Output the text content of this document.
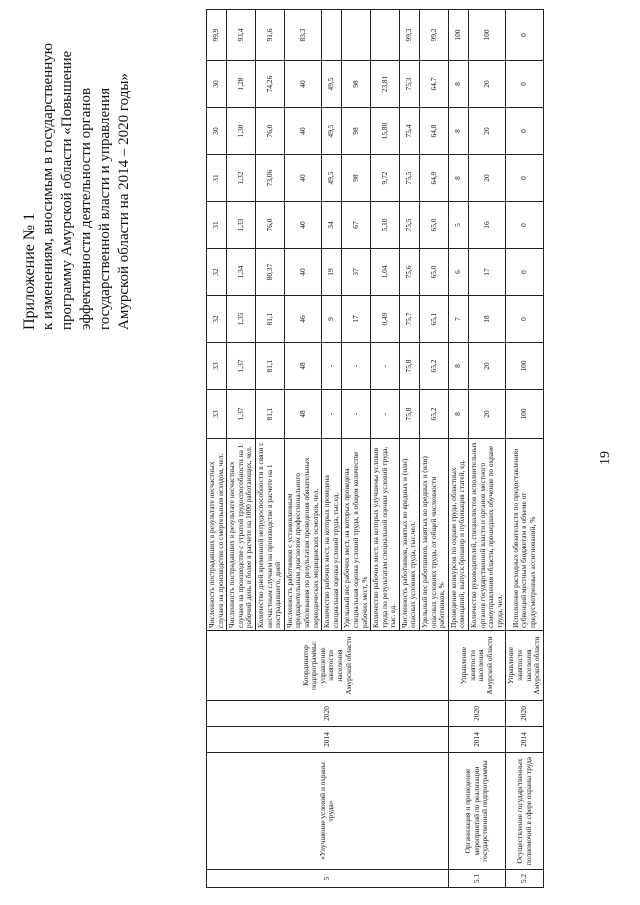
19
Приложение № 1 к изменениям, вносимым в государственную программу Амурской области «Повышение эффективности деятельности органов государственной власти и управления Амурской области на 2014 – 2020 годы»
5	«Улучшение условий и охраны труда»	2014	2020	Координатор подпрограммы: управление занятости населения Амурской области	Численность пострадавших в результате несчастных случаев на производстве со смертельным исходом, чел.	33	33	32	32	31	31	30	30	99,9
					Численность пострадавших в результате несчастных случаев на производстве с утратой трудоспособности на 1 рабочий день и более в расчете на 1000 работающих, чел.	1,37	1,37	1,35	1,34	1,33	1,32	1,30	1,28	93,4
					Количество дней временной нетрудоспособности в связи с несчастным случаем на производстве в расчете на 1 пострадавшего, дней	81,1	81,1	81,1	80,37	76,0	73,06	76,0	74,26	91,6
					Численность работников с установленным предварительным диагнозом профессионального заболевания по результатам проведения обязательных периодических медицинских осмотров, чел.	48	48	46	40	40	40	40	40	83,3
					Количество рабочих мест, на которых проведена специальная оценка условий труда, тыс.ед.	-	-	9	19	34	49,5	49,5	49,5	
					Удельный вес рабочих мест, на которых проведена специальная оценка условий труда, в общем количестве рабочих мест, %	-	-	17	37	67	98	98	98	
					Количество рабочих мест, на которых улучшены условия труда по результатам специальной оценки условий труда, тыс. ед.	-	-	0,49	1,04	5,10	9,72	15,80	23,81	
					Численность работников, занятых во вредных и (или) опасных условиях труда, тыс.чел.	75,8	75,8	75,7	75,6	75,5	75,5	75,4	75,3	99,3
					Удельный вес работников, занятых во вредных и (или) опасных условиях труда, от общей численности работников, %	65,2	65,2	65,1	65,0	65,0	64,9	64,8	64,7	99,2
5.1	Организация и проведение мероприятий по реализации государственной подпрограммы	2014	2020	Управление занятости населения Амурской области	Проведение конкурсов по охране труда, областных совещаний, выпуск брошюр и публикация статей, ед.	8	8	7	6	5	8	8	8	100
					Количество руководителей, специалистов исполнительных органов государственной власти и органов местного самоуправления области, прошедших обучение по охране труда, чел.	20	20	18	17	16	20	20	20	100
5.2	Осуществление государственных полномочий в сфере охраны труда	2014	2020	Управление занятости населения Амурской области	Исполнение расходных обязательств по предоставлению субвенций местным бюджетам в объеме от предусмотренных ассигнований, %	100	100	0	0	0	0	0	0	0
